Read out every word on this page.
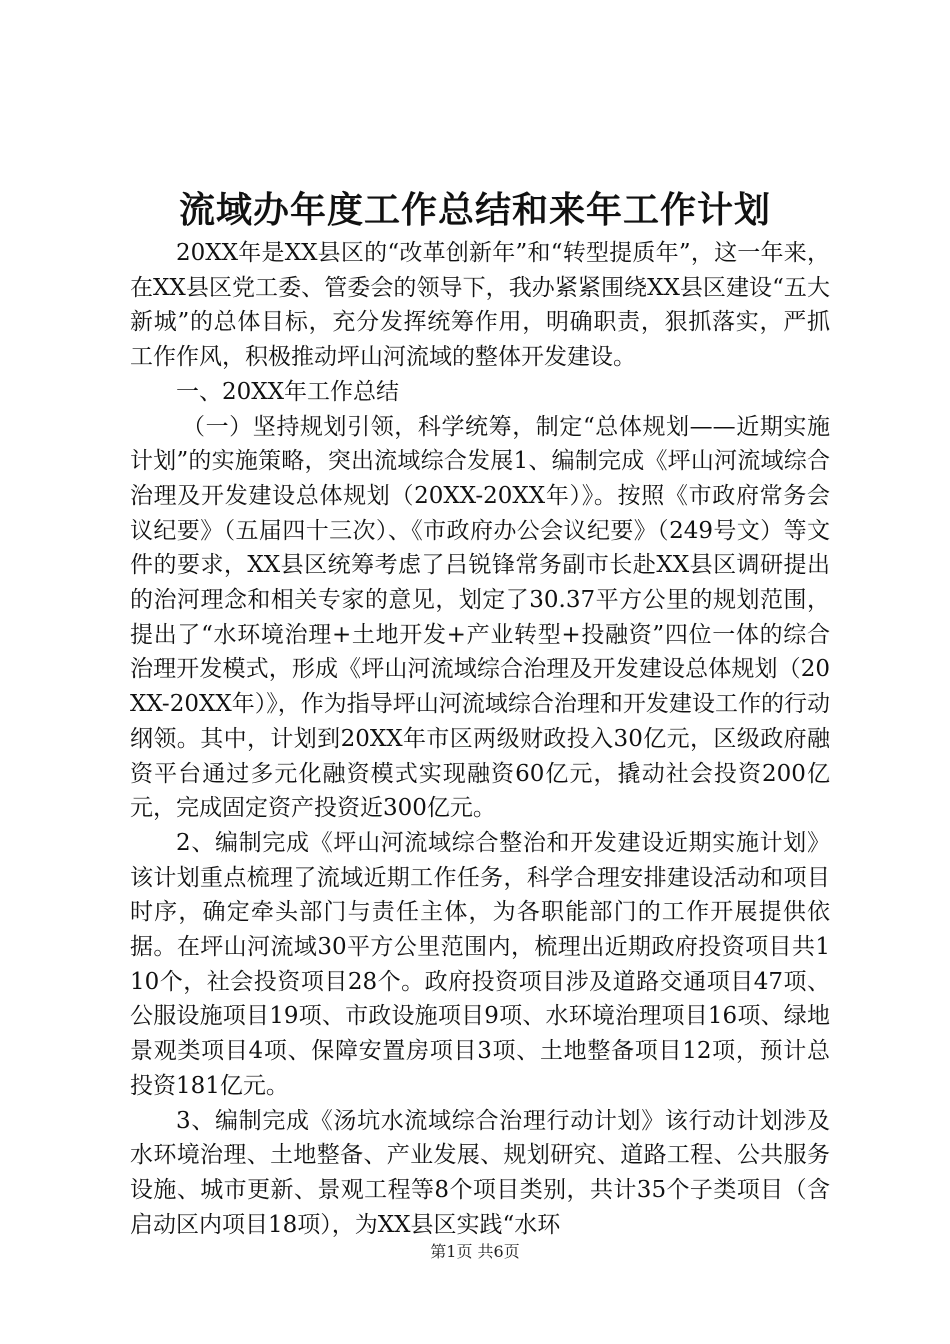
流域办年度工作总结和来年工作计划

20XX年是XX县区的“改革创新年”和“转型提质年”，这一年来，在XX县区党工委、管委会的领导下，我办紧紧围绕XX县区建设“五大新城”的总体目标，充分发挥统筹作用，明确职责，狠抓落实，严抓工作作风，积极推动坪山河流域的整体开发建设。

一、20XX年工作总结

（一）坚持规划引领，科学统筹，制定“总体规划——近期实施计划”的实施策略，突出流域综合发展1、编制完成《坪山河流域综合治理及开发建设总体规划（20XX-20XX年）》。按照《市政府常务会议纪要》（五届四十三次）、《市政府办公会议纪要》（249号文）等文件的要求，XX县区统筹考虑了吕锐锋常务副市长赴XX县区调研提出的治河理念和相关专家的意见，划定了30.37平方公里的规划范围，提出了“水环境治理+土地开发+产业转型+投融资”四位一体的综合治理开发模式，形成《坪山河流域综合治理及开发建设总体规划（20XX-20XX年）》，作为指导坪山河流域综合治理和开发建设工作的行动纲领。其中，计划到20XX年市区两级财政投入30亿元，区级政府融资平台通过多元化融资模式实现融资60亿元，撬动社会投资200亿元，完成固定资产投资近300亿元。

2、编制完成《坪山河流域综合整治和开发建设近期实施计划》该计划重点梳理了流域近期工作任务，科学合理安排建设活动和项目时序，确定牵头部门与责任主体，为各职能部门的工作开展提供依据。在坪山河流域30平方公里范围内，梳理出近期政府投资项目共110个，社会投资项目28个。政府投资项目涉及道路交通项目47项、公服设施项目19项、市政设施项目9项、水环境治理项目16项、绿地景观类项目4项、保障安置房项目3项、土地整备项目12项，预计总投资181亿元。

3、编制完成《汤坑水流域综合治理行动计划》该行动计划涉及水环境治理、土地整备、产业发展、规划研究、道路工程、公共服务设施、城市更新、景观工程等8个项目类别，共计35个子类项目（含启动区内项目18项），为XX县区实践“水环

第1页 共6页
